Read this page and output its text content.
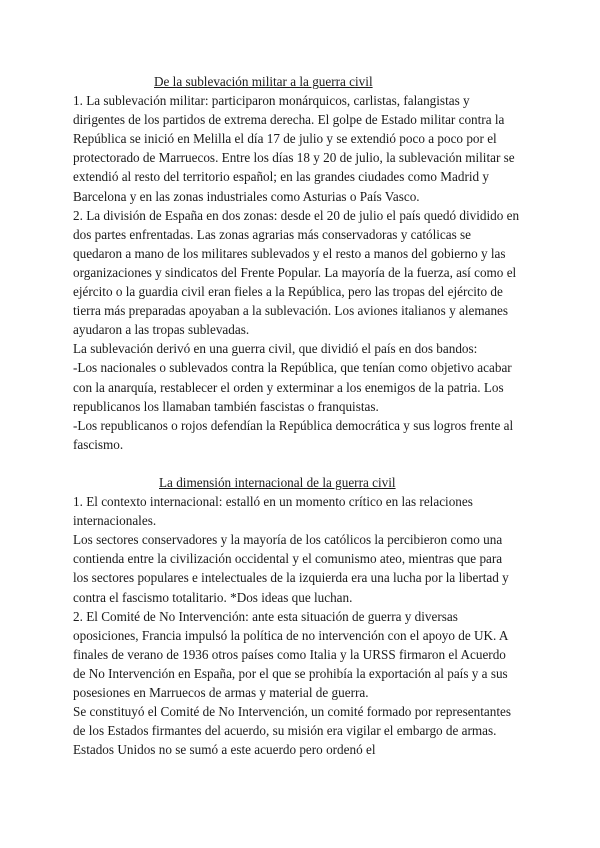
De la sublevación militar a la guerra civil

1. La sublevación militar: participaron monárquicos, carlistas, falangistas y dirigentes de los partidos de extrema derecha. El golpe de Estado militar contra la República se inició en Melilla el día 17 de julio y se extendió poco a poco por el protectorado de Marruecos. Entre los días 18 y 20 de julio, la sublevación militar se extendió al resto del territorio español; en las grandes ciudades como Madrid y Barcelona y en las zonas industriales como Asturias o País Vasco.

2. La división de España en dos zonas: desde el 20 de julio el país quedó dividido en dos partes enfrentadas. Las zonas agrarias más conservadoras y católicas se quedaron a mano de los militares sublevados y el resto a manos del gobierno y las organizaciones y sindicatos del Frente Popular. La mayoría de la fuerza, así como el ejército o la guardia civil eran fieles a la República, pero las tropas del ejército de tierra más preparadas apoyaban a la sublevación. Los aviones italianos y alemanes ayudaron a las tropas sublevadas.

La sublevación derivó en una guerra civil, que dividió el país en dos bandos:

-Los nacionales o sublevados contra la República, que tenían como objetivo acabar con la anarquía, restablecer el orden y exterminar a los enemigos de la patria. Los republicanos los llamaban también fascistas o franquistas.

-Los republicanos o rojos defendían la República democrática y sus logros frente al fascismo.

La dimensión internacional de la guerra civil

1. El contexto internacional: estalló en un momento crítico en las relaciones internacionales.

Los sectores conservadores y la mayoría de los católicos la percibieron como una contienda entre la civilización occidental y el comunismo ateo, mientras que para los sectores populares e intelectuales de la izquierda era una lucha por la libertad y contra el fascismo totalitario. *Dos ideas que luchan.

2. El Comité de No Intervención: ante esta situación de guerra y diversas oposiciones, Francia impulsó la política de no intervención con el apoyo de UK. A finales de verano de 1936 otros países como Italia y la URSS firmaron el Acuerdo de No Intervención en España, por el que se prohibía la exportación al país y a sus posesiones en Marruecos de armas y material de guerra.

Se constituyó el Comité de No Intervención, un comité formado por representantes de los Estados firmantes del acuerdo, su misión era vigilar el embargo de armas. Estados Unidos no se sumó a este acuerdo pero ordenó el
